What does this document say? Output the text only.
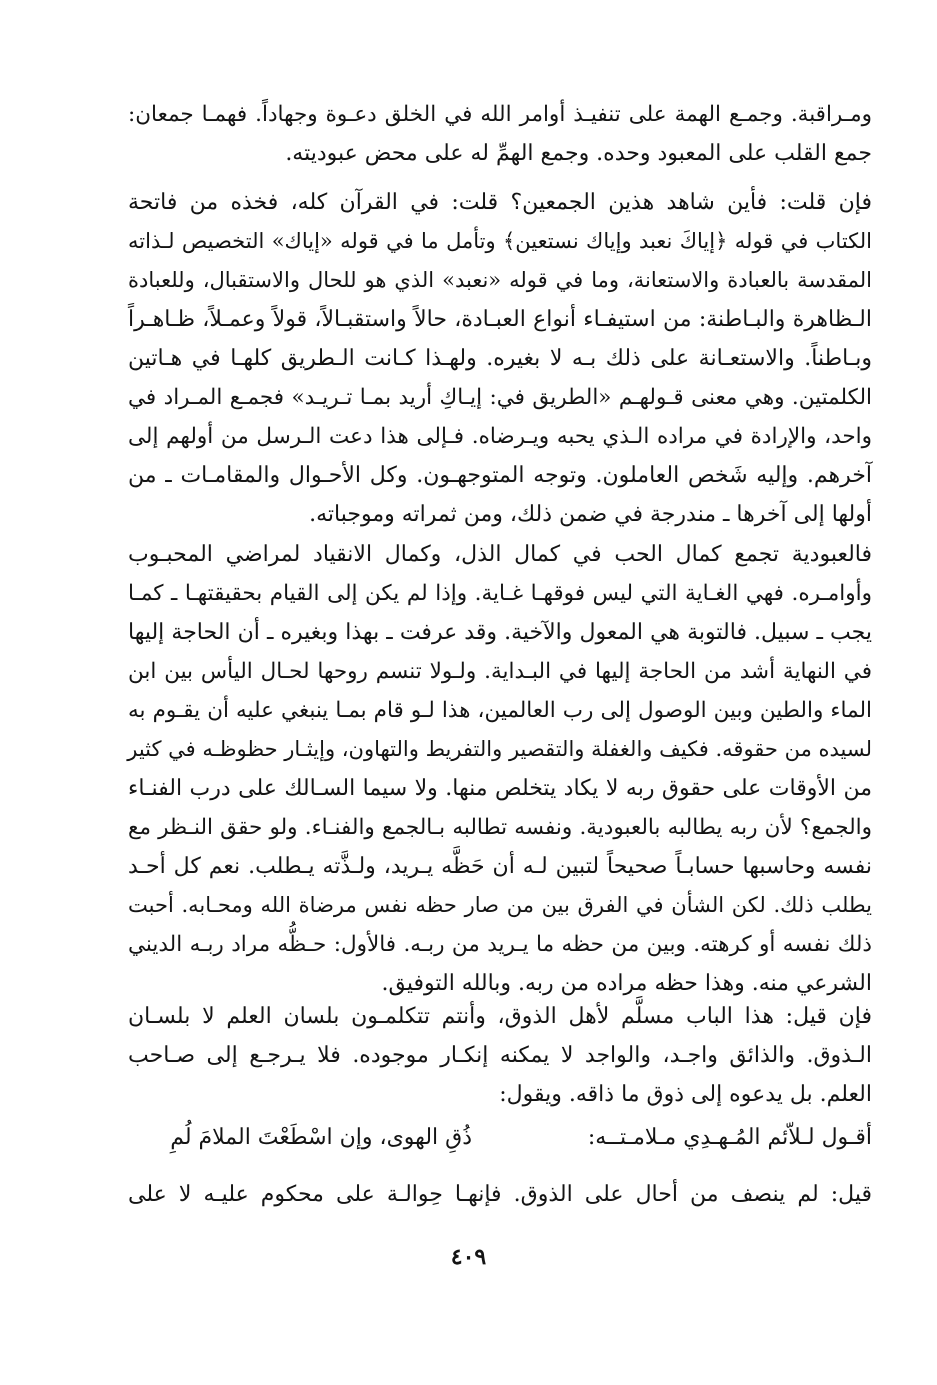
ومـراقبة. وجمـع الهمة على تنفيـذ أوامر الله في الخلق دعـوة وجهاداً. فهمـا جمعان:
جمع القلب على المعبود وحده. وجمع الهمِّ له على محض عبوديته.
فإن قلت: فأين شاهد هذين الجمعين؟ قلت: في القرآن كله، فخذه من فاتحة
الكتاب في قوله ﴿إياكَ نعبد وإياك نستعين﴾ وتأمل ما في قوله «إياك» التخصيص لـذاته
المقدسة بالعبادة والاستعانة، وما في قوله «نعبد» الذي هو للحال والاستقبال، وللعبادة
الـظاهرة والبـاطنة: من استيفـاء أنواع العبـادة، حالاً واستقبـالاً، قولاً وعمـلاً، ظـاهـراً
وبـاطناً. والاستعـانة على ذلك بـه لا بغيره. ولهـذا كـانت الـطريق كلهـا في هـاتين
الكلمتين. وهي معنى قـولهـم «الطريق في: إيـاكِ أريد بمـا تـريـد» فجمـع المـراد في
واحد، والإرادة في مراده الـذي يحبه ويـرضاه. فـإلى هذا دعت الـرسل من أولهم إلى
آخرهم. وإليه شَخص العاملون. وتوجه المتوجهـون. وكل الأحـوال والمقامـات ـ من
أولها إلى آخرها ـ مندرجة في ضمن ذلك، ومن ثمراته وموجباته.
فالعبودية تجمع كمال الحب في كمال الذل، وكمال الانقياد لمراضي المحبـوب
وأوامـره. فهي الغـاية التي ليس فوقهـا غـاية. وإذا لم يكن إلى القيام بحقيقتهـا ـ كمـا
يجب ـ سبيل. فالتوبة هي المعول والآخية. وقد عرفت ـ بهذا وبغيره ـ أن الحاجة إليها
في النهاية أشد من الحاجة إليها في البـداية. ولـولا تنسم روحها لحـال اليأس بين ابن
الماء والطين وبين الوصول إلى رب العالمين، هذا لـو قام بمـا ينبغي عليه أن يقـوم به
لسيده من حقوقه. فكيف والغفلة والتقصير والتفريط والتهاون، وإيثـار حظوظـه في كثير
من الأوقات على حقوق ربه لا يكاد يتخلص منها. ولا سيما السـالك على درب الفنـاء
والجمع؟ لأن ربه يطالبه بالعبودية. ونفسه تطالبه بـالجمع والفنـاء. ولو حقق النـظر مع
نفسه وحاسبها حسابـاً صحيحاً لتبين لـه أن حَظَّه يـريد، ولـذَّته يـطلب. نعم كل أحـد
يطلب ذلك. لكن الشأن في الفرق بين من صار حظه نفس مرضاة الله ومحـابه. أحبت
ذلك نفسه أو كرهته. وبين من حظه ما يـريد من ربـه. فالأول: حـظُّه مراد ربـه الديني
الشرعي منه. وهذا حظه مراده من ربه. وبالله التوفيق.
فإن قيل: هذا الباب مسلَّم لأهل الذوق، وأنتم تتكلمـون بلسان العلم لا بلسـان
الـذوق. والذائق واجـد، والواجد لا يمكنه إنكـار موجوده. فلا يـرجـع إلى صـاحب
العلم. بل يدعوه إلى ذوق ما ذاقه. ويقول:
أقـول لـلاّئم المُـهـدِي مـلامـتــه:
ذُقِ الهوى، وإن اسْطَعْتَ الملامَ لُمِ
قيل: لم ينصف من أحال على الذوق. فإنهـا حِوالـة على محكوم عليـه لا على
٤٠٩
